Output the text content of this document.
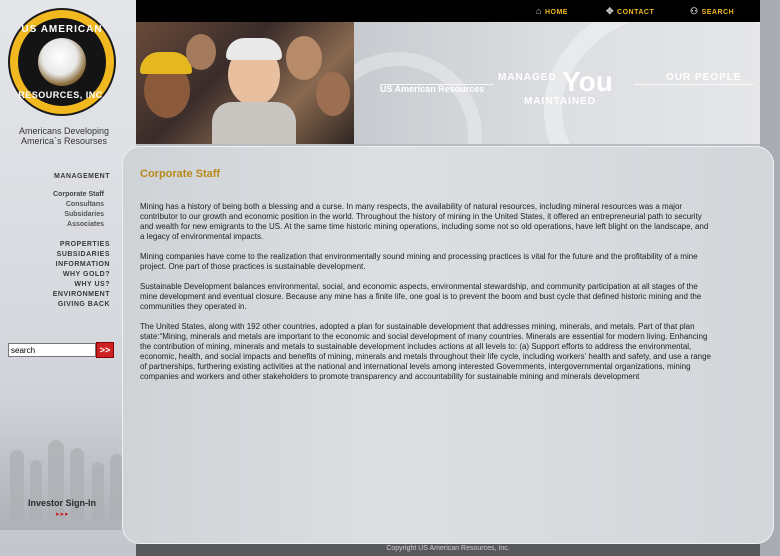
US AMERICAN
RESOURCES, INC.
Americans Developing
America`s Resourses
MANAGEMENT
Corporate Staff
Consultans
Subsidaries
Associates
PROPERTIES
SUBSIDARIES
INFORMATION
WHY GOLD?
WHY US?
ENVIRONMENT
GIVING BACK
search
>>
Investor Sign-In
▸▸▸
⌂ HOME	✥ CONTACT	⚇ SEARCH
US American Resources
MANAGED You	OUR PEOPLE
MAINTAINED
Corporate Staff

Mining has a history of being both a blessing and a curse. In many respects, the availability of natural resources, including mineral resources was a major contributor to our growth and economic position in the world. Throughout the history of mining in the United States, it offered an entrepreneurial path to security and wealth for new emigrants to the US. At the same time historic mining operations, including some not so old operations, have left blight on the landscape, and a legacy of environmental impacts.

Mining companies have come to the realization that environmentally sound mining and processing practices is vital for the future and the profitability of a mine project. One part of those practices is sustainable development.

Sustainable Development balances environmental, social, and economic aspects, environmental stewardship, and community participation at all stages of the mine development and eventual closure. Because any mine has a finite life, one goal is to prevent the boom and bust cycle that defined historic mining and the communities they operated in.

The United States, along with 192 other countries, adopted a plan for sustainable development that addresses mining, minerals, and metals. Part of that plan state:“Mining, minerals and metals are important to the economic and social development of many countries. Minerals are essential for modern living. Enhancing the contribution of mining, minerals and metals to sustainable development includes actions at all levels to: (a) Support efforts to address the environmental, economic, health, and social impacts and benefits of mining, minerals and metals throughout their life cycle, including workers’ health and safety, and use a range of partnerships, furthering existing activities at the national and international levels among interested Governments, intergovernmental organizations, mining companies and workers and other stakeholders to promote transparency and accountability for sustainable mining and minerals development

Copyright US American Resources, Inc.
